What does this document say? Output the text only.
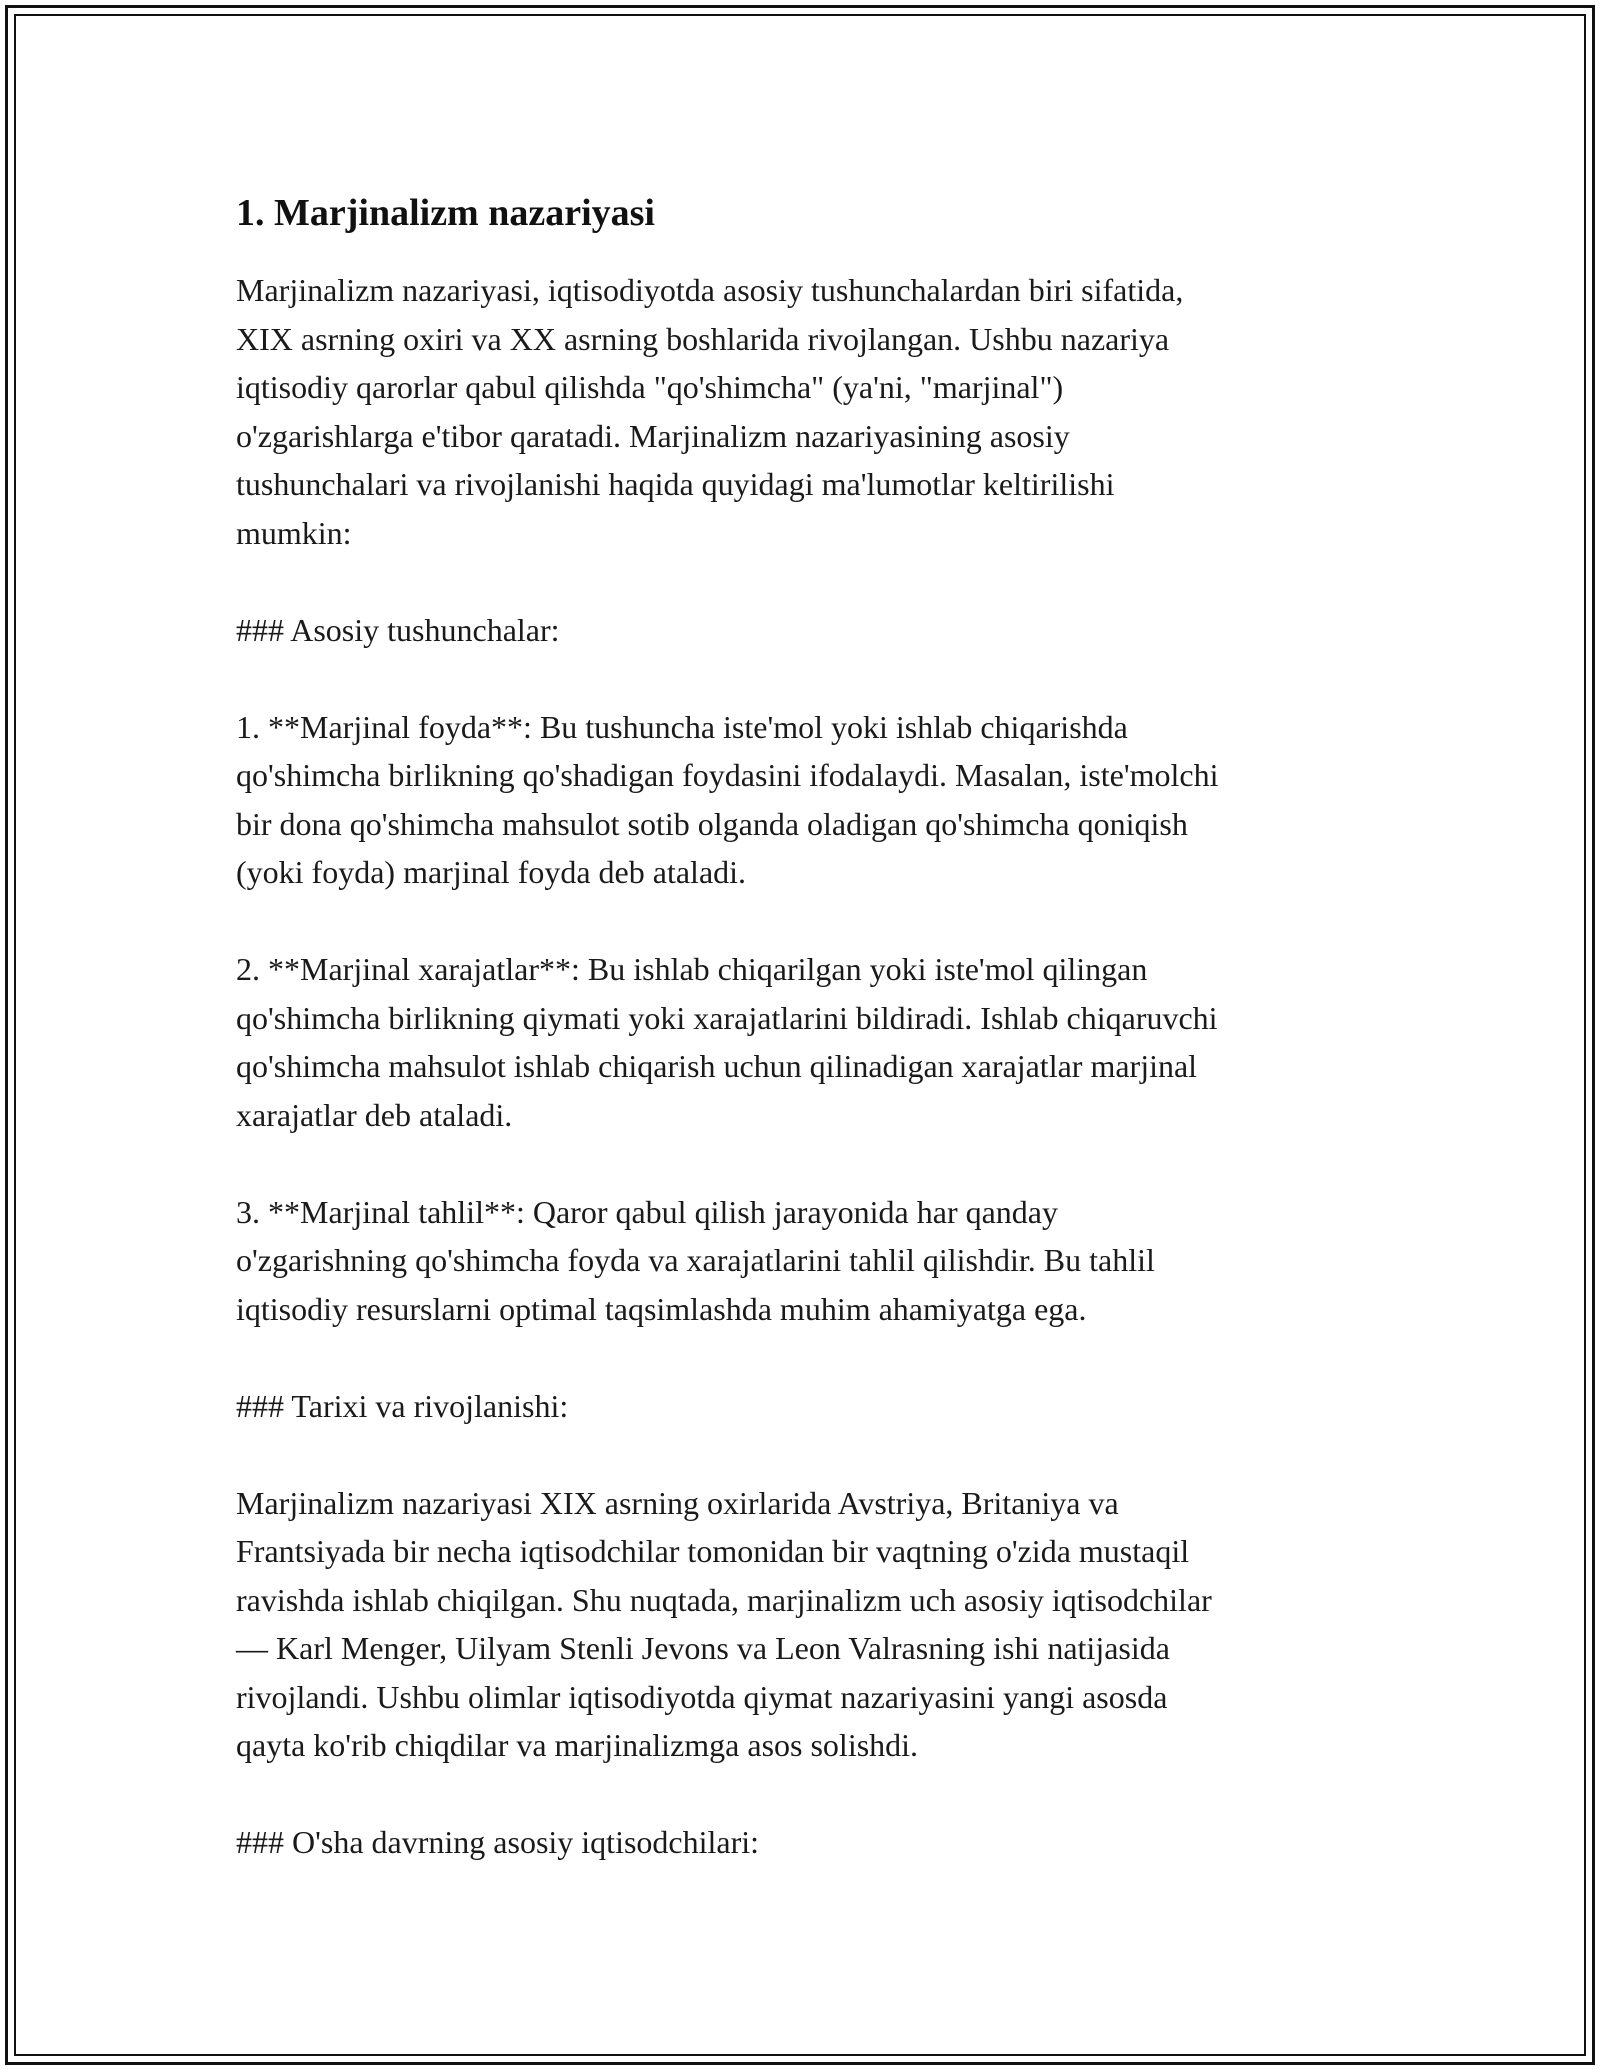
1. Marjinalizm nazariyasi

Marjinalizm nazariyasi, iqtisodiyotda asosiy tushunchalardan biri sifatida,
XIX asrning oxiri va XX asrning boshlarida rivojlangan. Ushbu nazariya
iqtisodiy qarorlar qabul qilishda "qo'shimcha" (ya'ni, "marjinal")
o'zgarishlarga e'tibor qaratadi. Marjinalizm nazariyasining asosiy
tushunchalari va rivojlanishi haqida quyidagi ma'lumotlar keltirilishi
mumkin:

### Asosiy tushunchalar:

1. **Marjinal foyda**: Bu tushuncha iste'mol yoki ishlab chiqarishda
qo'shimcha birlikning qo'shadigan foydasini ifodalaydi. Masalan, iste'molchi
bir dona qo'shimcha mahsulot sotib olganda oladigan qo'shimcha qoniqish
(yoki foyda) marjinal foyda deb ataladi.

2. **Marjinal xarajatlar**: Bu ishlab chiqarilgan yoki iste'mol qilingan
qo'shimcha birlikning qiymati yoki xarajatlarini bildiradi. Ishlab chiqaruvchi
qo'shimcha mahsulot ishlab chiqarish uchun qilinadigan xarajatlar marjinal
xarajatlar deb ataladi.

3. **Marjinal tahlil**: Qaror qabul qilish jarayonida har qanday
o'zgarishning qo'shimcha foyda va xarajatlarini tahlil qilishdir. Bu tahlil
iqtisodiy resurslarni optimal taqsimlashda muhim ahamiyatga ega.

### Tarixi va rivojlanishi:

Marjinalizm nazariyasi XIX asrning oxirlarida Avstriya, Britaniya va
Frantsiyada bir necha iqtisodchilar tomonidan bir vaqtning o'zida mustaqil
ravishda ishlab chiqilgan. Shu nuqtada, marjinalizm uch asosiy iqtisodchilar
— Karl Menger, Uilyam Stenli Jevons va Leon Valrasning ishi natijasida
rivojlandi. Ushbu olimlar iqtisodiyotda qiymat nazariyasini yangi asosda
qayta ko'rib chiqdilar va marjinalizmga asos solishdi.

### O'sha davrning asosiy iqtisodchilari:
